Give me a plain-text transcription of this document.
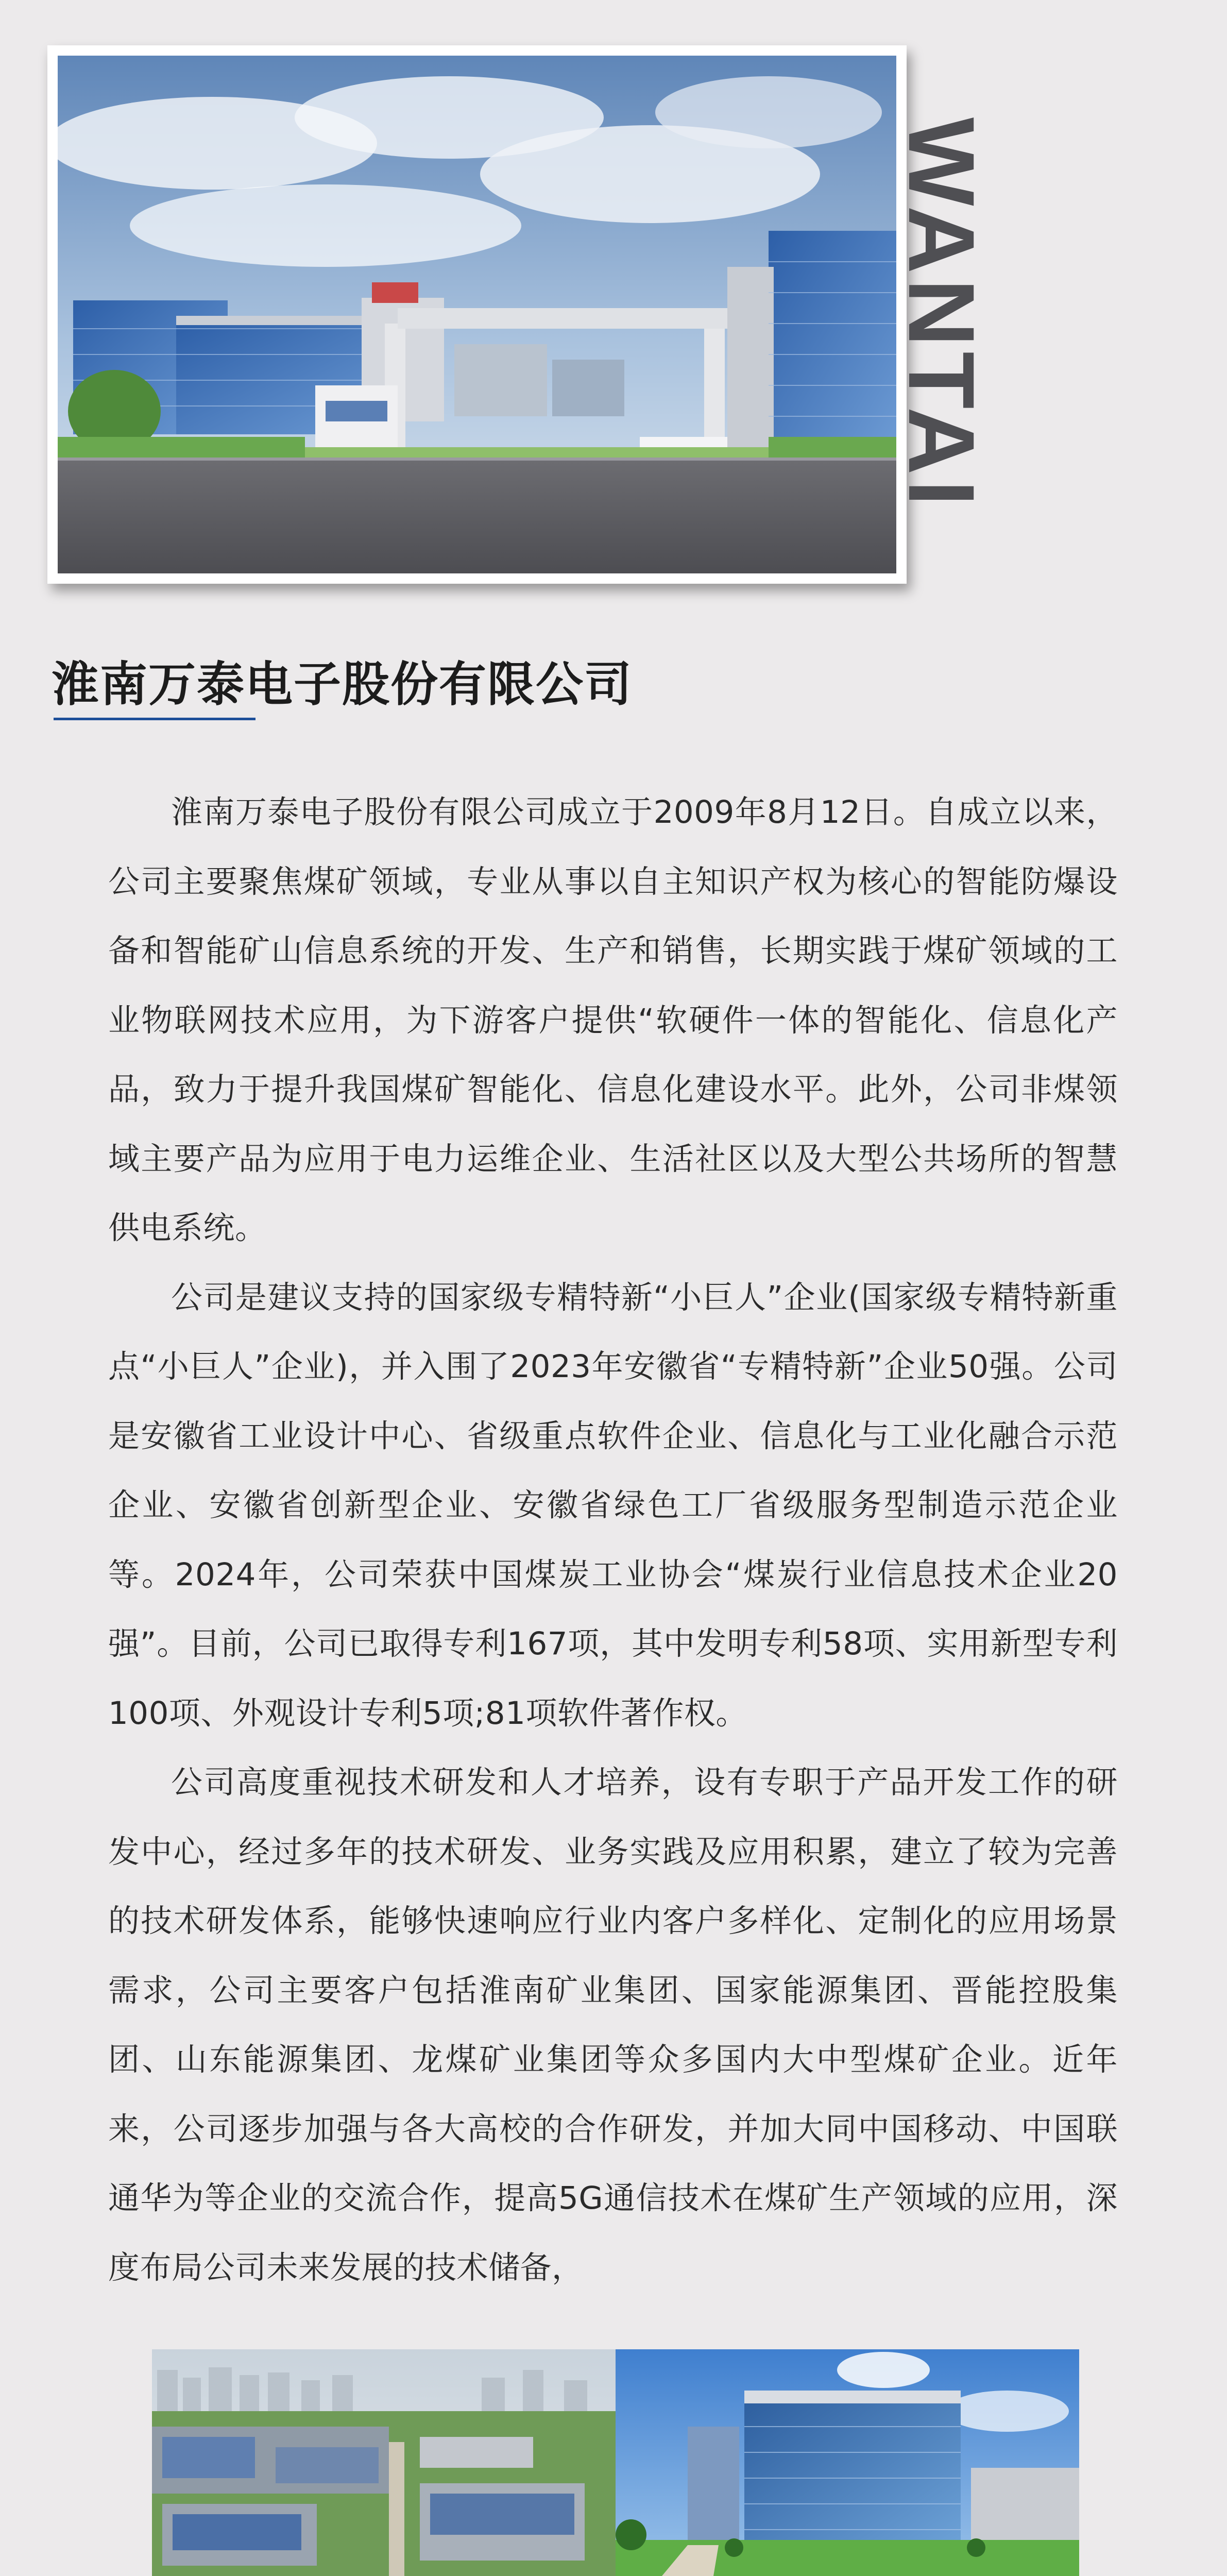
WANTAI
淮南万泰电子股份有限公司

淮南万泰电子股份有限公司成立于2009年8月12日。自成立以来，公司主要聚焦煤矿领域，专业从事以自主知识产权为核心的智能防爆设备和智能矿山信息系统的开发、生产和销售，长期实践于煤矿领域的工业物联网技术应用，为下游客户提供“软硬件一体的智能化、信息化产品，致力于提升我国煤矿智能化、信息化建设水平。此外，公司非煤领域主要产品为应用于电力运维企业、生活社区以及大型公共场所的智慧供电系统。

公司是建议支持的国家级专精特新“小巨人”企业(国家级专精特新重点“小巨人”企业)，并入围了2023年安徽省“专精特新”企业50强。公司是安徽省工业设计中心、省级重点软件企业、信息化与工业化融合示范企业、安徽省创新型企业、安徽省绿色工厂省级服务型制造示范企业等。2024年，公司荣获中国煤炭工业协会“煤炭行业信息技术企业20强”。目前，公司已取得专利167项，其中发明专利58项、实用新型专利100项、外观设计专利5项;81项软件著作权。

公司高度重视技术研发和人才培养，设有专职于产品开发工作的研发中心，经过多年的技术研发、业务实践及应用积累，建立了较为完善的技术研发体系，能够快速响应行业内客户多样化、定制化的应用场景需求，公司主要客户包括淮南矿业集团、国家能源集团、晋能控股集团、山东能源集团、龙煤矿业集团等众多国内大中型煤矿企业。近年来，公司逐步加强与各大高校的合作研发，并加大同中国移动、中国联通华为等企业的交流合作，提高5G通信技术在煤矿生产领域的应用，深度布局公司未来发展的技术储备，
